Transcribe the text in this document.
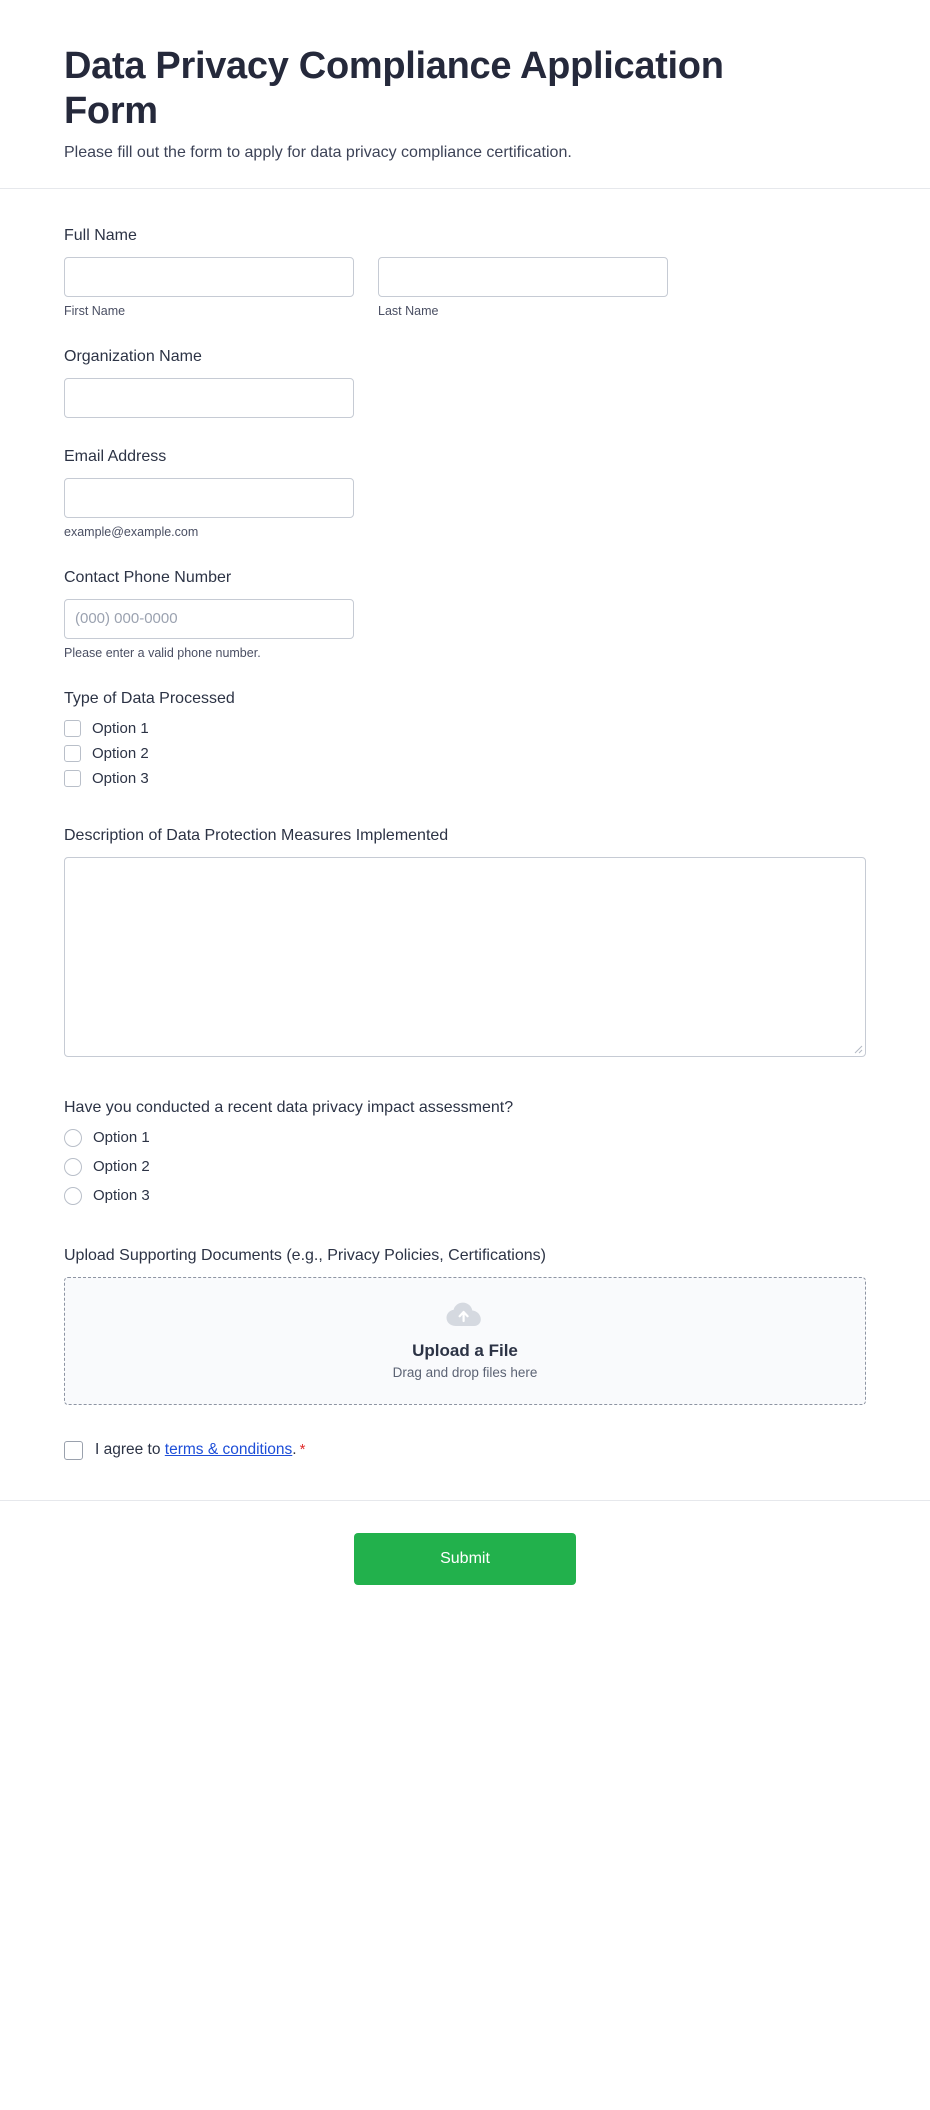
Data Privacy Compliance Application Form

Please fill out the form to apply for data privacy compliance certification.

Full Name
First Name	Last Name
Organization Name
Email Address
example@example.com
Contact Phone Number
(000) 000-0000
Please enter a valid phone number.
Type of Data Processed
Option 1
Option 2
Option 3
Description of Data Protection Measures Implemented
Have you conducted a recent data privacy impact assessment?
Option 1
Option 2
Option 3
Upload Supporting Documents (e.g., Privacy Policies, Certifications)
Upload a File
Drag and drop files here
I agree to terms & conditions. *
Submit
